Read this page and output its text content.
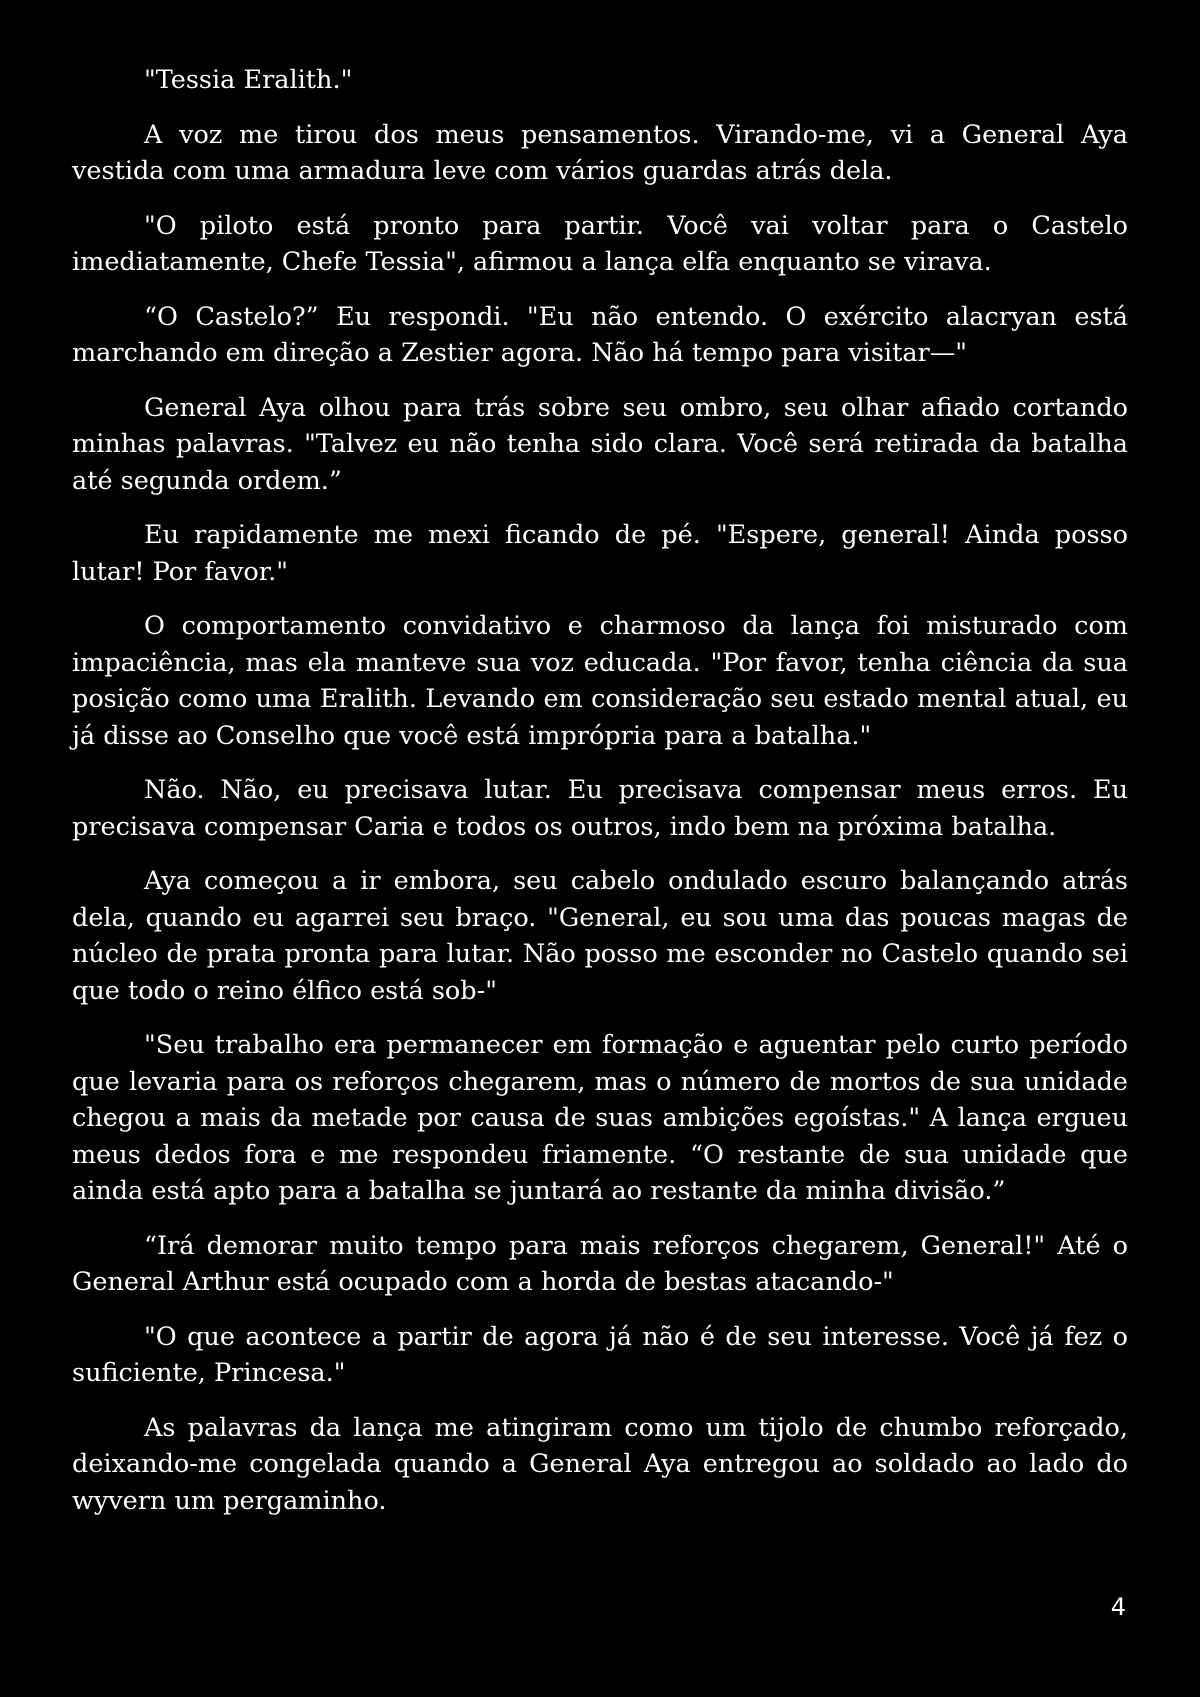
"Tessia Eralith."

A voz me tirou dos meus pensamentos. Virando-me, vi a General Aya vestida com uma armadura leve com vários guardas atrás dela.

"O piloto está pronto para partir. Você vai voltar para o Castelo imediatamente, Chefe Tessia", afirmou a lança elfa enquanto se virava.

“O Castelo?” Eu respondi. "Eu não entendo. O exército alacryan está marchando em direção a Zestier agora. Não há tempo para visitar—"

General Aya olhou para trás sobre seu ombro, seu olhar afiado cortando minhas palavras. "Talvez eu não tenha sido clara. Você será retirada da batalha até segunda ordem.”

Eu rapidamente me mexi ficando de pé. "Espere, general! Ainda posso lutar! Por favor."

O comportamento convidativo e charmoso da lança foi misturado com impaciência, mas ela manteve sua voz educada. "Por favor, tenha ciência da sua posição como uma Eralith. Levando em consideração seu estado mental atual, eu já disse ao Conselho que você está imprópria para a batalha."

Não. Não, eu precisava lutar. Eu precisava compensar meus erros. Eu precisava compensar Caria e todos os outros, indo bem na próxima batalha.

Aya começou a ir embora, seu cabelo ondulado escuro balançando atrás dela, quando eu agarrei seu braço. "General, eu sou uma das poucas magas de núcleo de prata pronta para lutar. Não posso me esconder no Castelo quando sei que todo o reino élfico está sob-"

"Seu trabalho era permanecer em formação e aguentar pelo curto período que levaria para os reforços chegarem, mas o número de mortos de sua unidade chegou a mais da metade por causa de suas ambições egoístas." A lança ergueu meus dedos fora e me respondeu friamente. “O restante de sua unidade que ainda está apto para a batalha se juntará ao restante da minha divisão.”

“Irá demorar muito tempo para mais reforços chegarem, General!" Até o General Arthur está ocupado com a horda de bestas atacando-"

"O que acontece a partir de agora já não é de seu interesse. Você já fez o suficiente, Princesa."

As palavras da lança me atingiram como um tijolo de chumbo reforçado, deixando-me congelada quando a General Aya entregou ao soldado ao lado do wyvern um pergaminho.

4
